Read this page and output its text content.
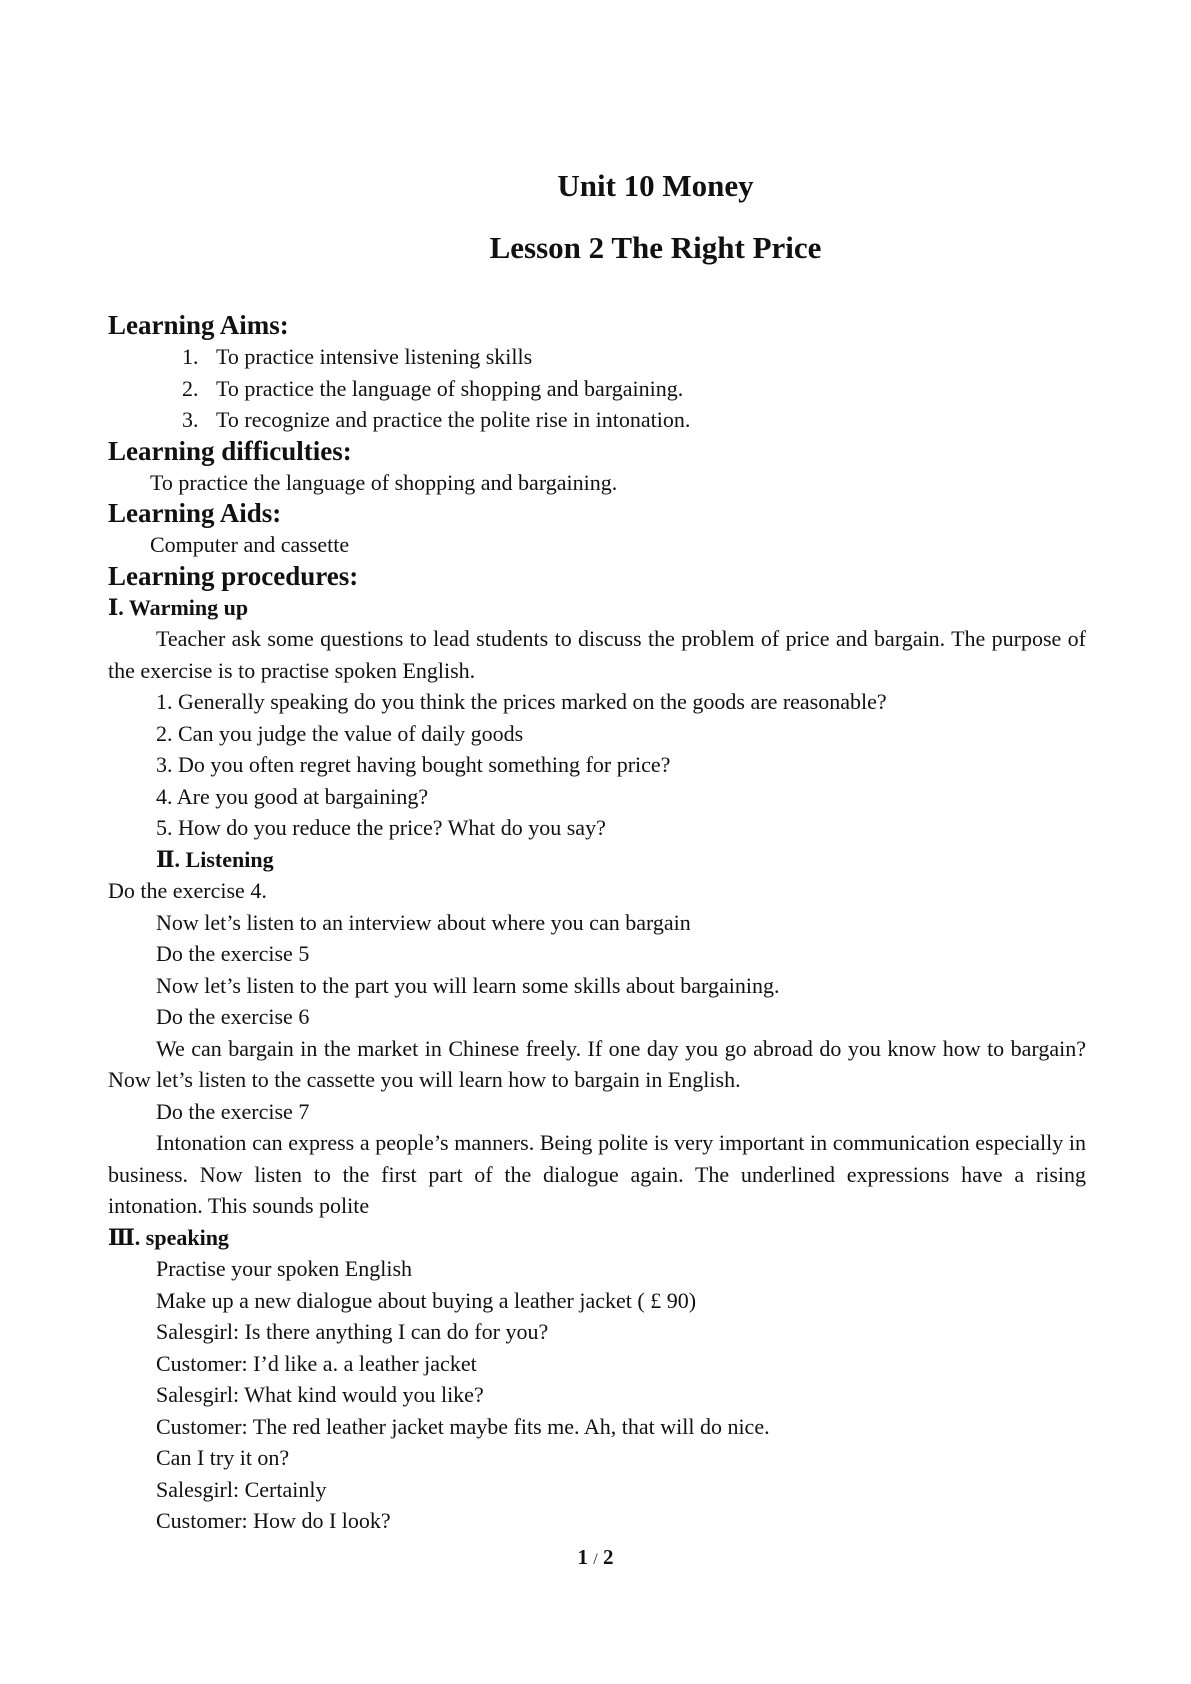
Unit 10 Money
Lesson 2 The Right Price
Learning Aims:
1. To practice intensive listening skills
2. To practice the language of shopping and bargaining.
3. To recognize and practice the polite rise in intonation.
Learning difficulties:
To practice the language of shopping and bargaining.
Learning Aids:
Computer and cassette
Learning procedures:
Ⅰ. Warming up
Teacher ask some questions to lead students to discuss the problem of price and bargain. The purpose of the exercise is to practise spoken English.
1. Generally speaking do you think the prices marked on the goods are reasonable?
2. Can you judge the value of daily goods
3. Do you often regret having bought something for price?
4. Are you good at bargaining?
5. How do you reduce the price? What do you say?
Ⅱ. Listening
Do the exercise 4.
Now let’s listen to an interview about where you can bargain
Do the exercise 5
Now let’s listen to the part you will learn some skills about bargaining.
Do the exercise 6
We can bargain in the market in Chinese freely. If one day you go abroad do you know how to bargain? Now let’s listen to the cassette you will learn how to bargain in English.
Do the exercise 7
Intonation can express a people’s manners. Being polite is very important in communication especially in business. Now listen to the first part of the dialogue again. The underlined expressions have a rising intonation. This sounds polite
Ⅲ. speaking
Practise your spoken English
Make up a new dialogue about buying a leather jacket ( £ 90)
Salesgirl: Is there anything I can do for you?
Customer: I’d like a. a leather jacket
Salesgirl: What kind would you like?
Customer: The red leather jacket maybe fits me. Ah, that will do nice.
Can I try it on?
Salesgirl: Certainly
Customer: How do I look?
1 / 2
